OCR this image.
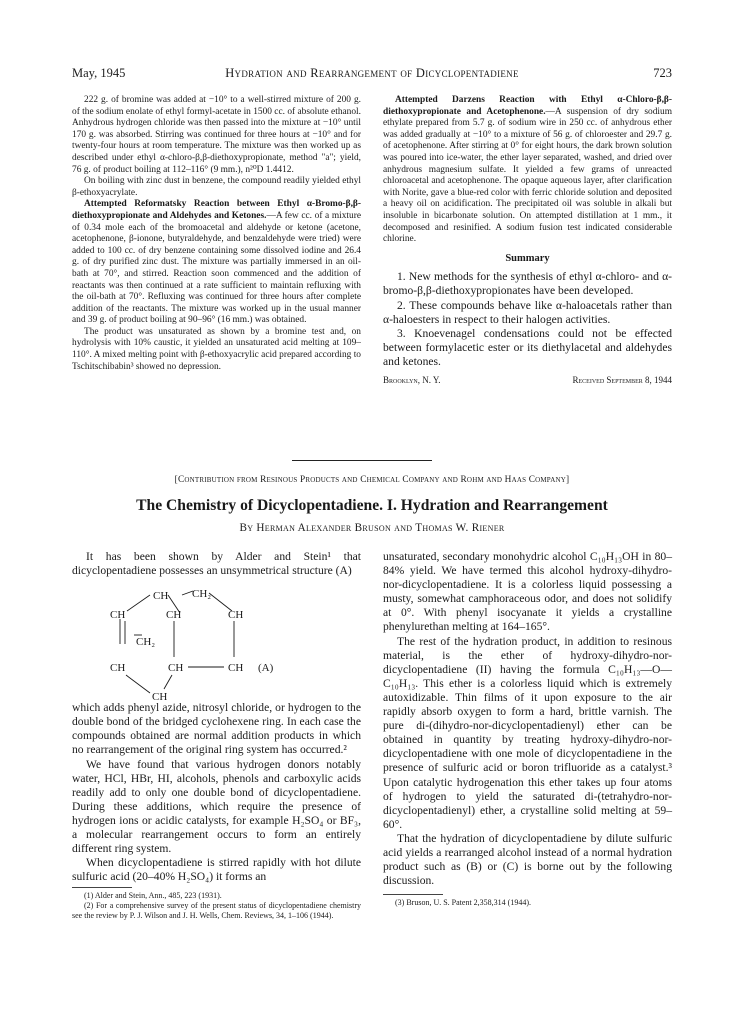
May, 1945	Hydration and Rearrangement of Dicyclopentadiene	723

222 g. of bromine was added at −10° to a well-stirred mixture of 200 g. of the sodium enolate of ethyl formyl-acetate in 1500 cc. of absolute ethanol. Anhydrous hydrogen chloride was then passed into the mixture at −10° until 170 g. was absorbed. Stirring was continued for three hours at −10° and for twenty-four hours at room temperature. The mixture was then worked up as described under ethyl α-chloro-β,β-diethoxypropionate, method "a"; yield, 76 g. of product boiling at 112–116° (9 mm.), n²⁰D 1.4412.

On boiling with zinc dust in benzene, the compound readily yielded ethyl β-ethoxyacrylate.

Attempted Reformatsky Reaction between Ethyl α-Bromo-β,β-diethoxypropionate and Aldehydes and Ketones.—A few cc. of a mixture of 0.34 mole each of the bromoacetal and aldehyde or ketone (acetone, acetophenone, β-ionone, butyraldehyde, and benzaldehyde were tried) were added to 100 cc. of dry benzene containing some dissolved iodine and 26.4 g. of dry purified zinc dust. The mixture was partially immersed in an oil-bath at 70°, and stirred. Reaction soon commenced and the addition of reactants was then continued at a rate sufficient to maintain refluxing with the oil-bath at 70°. Refluxing was continued for three hours after complete addition of the reactants. The mixture was worked up in the usual manner and 39 g. of product boiling at 90–96° (16 mm.) was obtained.

The product was unsaturated as shown by a bromine test and, on hydrolysis with 10% caustic, it yielded an unsaturated acid melting at 109–110°. A mixed melting point with β-ethoxyacrylic acid prepared according to Tschitschibabin³ showed no depression.

Attempted Darzens Reaction with Ethyl α-Chloro-β,β-diethoxypropionate and Acetophenone.—A suspension of dry sodium ethylate prepared from 5.7 g. of sodium wire in 250 cc. of anhydrous ether was added gradually at −10° to a mixture of 56 g. of chloroester and 29.7 g. of acetophenone. After stirring at 0° for eight hours, the dark brown solution was poured into ice-water, the ether layer separated, washed, and dried over anhydrous magnesium sulfate. It yielded a few grams of unreacted chloroacetal and acetophenone. The opaque aqueous layer, after clarification with Norite, gave a blue-red color with ferric chloride solution and deposited a heavy oil on acidification. The precipitated oil was soluble in alkali but insoluble in bicarbonate solution. On attempted distillation at 1 mm., it decomposed and resinified. A sodium fusion test indicated considerable chlorine.

Summary

1. New methods for the synthesis of ethyl α-chloro- and α-bromo-β,β-diethoxypropionates have been developed.

2. These compounds behave like α-haloacetals rather than α-haloesters in respect to their halogen activities.

3. Knoevenagel condensations could not be effected between formylacetic ester or its diethylacetal and aldehydes and ketones.

Brooklyn, N. Y.	Received September 8, 1944
[Contribution from Resinous Products and Chemical Company and Rohm and Haas Company]
The Chemistry of Dicyclopentadiene. I. Hydration and Rearrangement
By Herman Alexander Bruson and Thomas W. Riener

It has been shown by Alder and Stein¹ that dicyclopentadiene possesses an unsymmetrical structure (A)

which adds phenyl azide, nitrosyl chloride, or hydrogen to the double bond of the bridged cyclohexene ring. In each case the compounds obtained are normal addition products in which no rearrangement of the original ring system has occurred.²

We have found that various hydrogen donors notably water, HCl, HBr, HI, alcohols, phenols and carboxylic acids readily add to only one double bond of dicyclopentadiene. During these additions, which require the presence of hydrogen ions or acidic catalysts, for example H₂SO₄ or BF₃, a molecular rearrangement occurs to form an entirely different ring system.

When dicyclopentadiene is stirred rapidly with hot dilute sulfuric acid (20–40% H₂SO₄) it forms an

(1) Alder and Stein, Ann., 485, 223 (1931).

(2) For a comprehensive survey of the present status of dicyclopentadiene chemistry see the review by P. J. Wilson and J. H. Wells, Chem. Reviews, 34, 1–106 (1944).

CH CH₂
CH	CH	CH
CH₂
CH	CH	CH
CH
(A)

unsaturated, secondary monohydric alcohol C₁₀H₁₃OH in 80–84% yield. We have termed this alcohol hydroxy-dihydro-nor-dicyclopentadiene. It is a colorless liquid possessing a musty, somewhat camphoraceous odor, and does not solidify at 0°. With phenyl isocyanate it yields a crystalline phenylurethan melting at 164–165°.

The rest of the hydration product, in addition to resinous material, is the ether of hydroxy-dihydro-nor-dicyclopentadiene (II) having the formula C₁₀H₁₃—O—C₁₀H₁₃. This ether is a colorless liquid which is extremely autoxidizable. Thin films of it upon exposure to the air rapidly absorb oxygen to form a hard, brittle varnish. The pure di-(dihydro-nor-dicyclopentadienyl) ether can be obtained in quantity by treating hydroxy-dihydro-nor-dicyclopentadiene with one mole of dicyclopentadiene in the presence of sulfuric acid or boron trifluoride as a catalyst.³ Upon catalytic hydrogenation this ether takes up four atoms of hydrogen to yield the saturated di-(tetrahydro-nor-dicyclopentadienyl) ether, a crystalline solid melting at 59–60°.

That the hydration of dicyclopentadiene by dilute sulfuric acid yields a rearranged alcohol instead of a normal hydration product such as (B) or (C) is borne out by the following discussion.

(3) Bruson, U. S. Patent 2,358,314 (1944).
